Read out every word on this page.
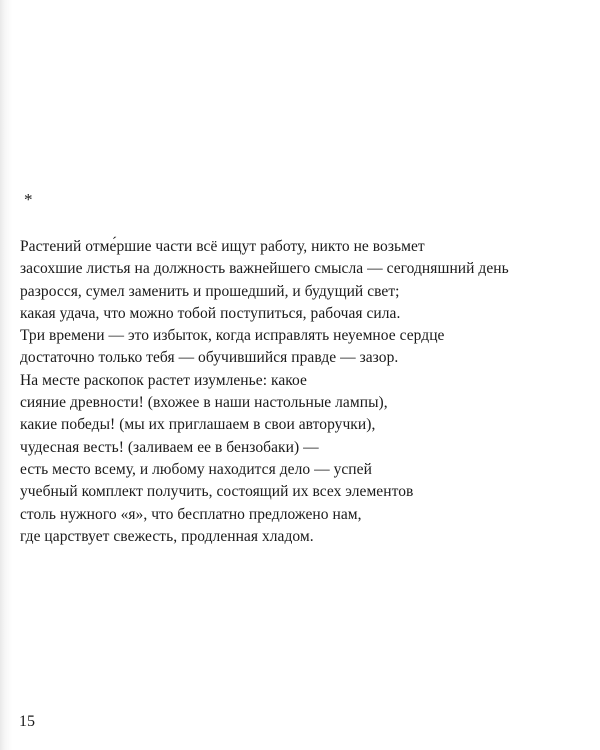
*
Растений отме́ршие части всё ищут работу, никто не возьмет
засохшие листья на должность важнейшего смысла — сегодняшний день
разросся, сумел заменить и прошедший, и будущий свет;
какая удача, что можно тобой поступиться, рабочая сила.
Три времени — это избыток, когда исправлять неуемное сердце
достаточно только тебя — обучившийся правде — зазор.
На месте раскопок растет изумленье: какое
сияние древности! (вхожее в наши настольные лампы),
какие победы! (мы их приглашаем в свои авторучки),
чудесная весть! (заливаем ее в бензобаки) —
есть место всему, и любому находится дело — успей
учебный комплект получить, состоящий их всех элементов
столь нужного «я», что бесплатно предложено нам,
где царствует свежесть, продленная хладом.
15
